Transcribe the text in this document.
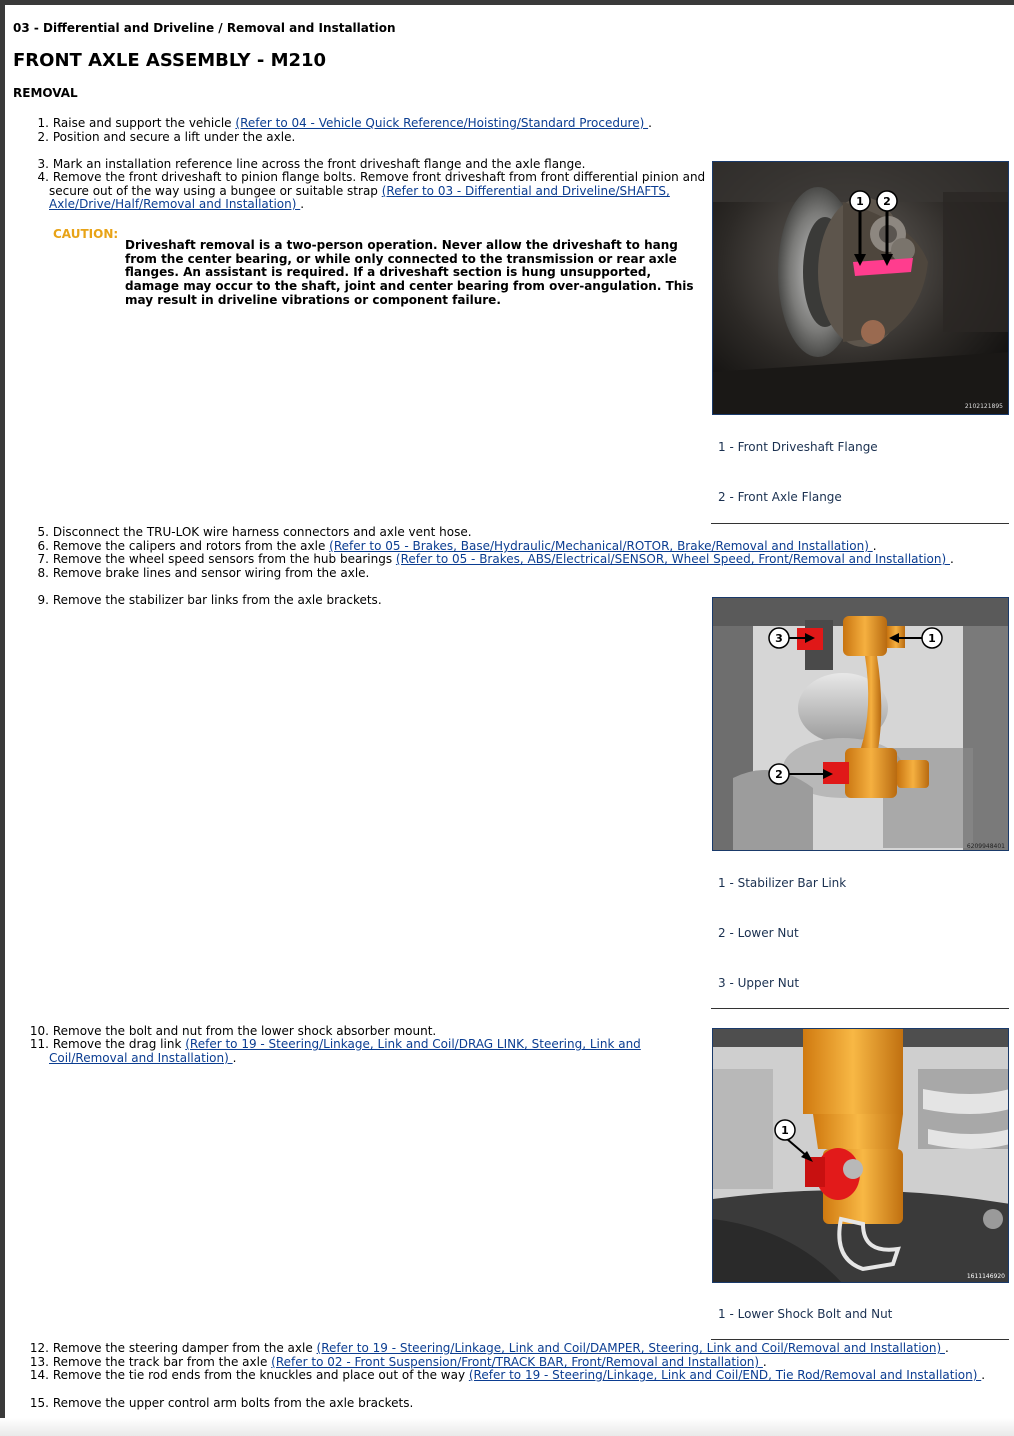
03 - Differential and Driveline / Removal and Installation
FRONT AXLE ASSEMBLY - M210
REMOVAL
1. Raise and support the vehicle (Refer to 04 - Vehicle Quick Reference/Hoisting/Standard Procedure) .
2. Position and secure a lift under the axle.
3. Mark an installation reference line across the front driveshaft flange and the axle flange.
4. Remove the front driveshaft to pinion flange bolts. Remove front driveshaft from front differential pinion and
secure out of the way using a bungee or suitable strap (Refer to 03 - Differential and Driveline/SHAFTS,
Axle/Drive/Half/Removal and Installation) .
CAUTION:
Driveshaft removal is a two-person operation. Never allow the driveshaft to hang from the center bearing, or while only connected to the transmission or rear axle flanges. An assistant is required. If a driveshaft section is hung unsupported, damage may occur to the shaft, joint and center bearing from over-angulation. This may result in driveline vibrations or component failure.
1 2
2102121895
1 - Front Driveshaft Flange
2 - Front Axle Flange
5. Disconnect the TRU-LOK wire harness connectors and axle vent hose.
6. Remove the calipers and rotors from the axle (Refer to 05 - Brakes, Base/Hydraulic/Mechanical/ROTOR, Brake/Removal and Installation) .
7. Remove the wheel speed sensors from the hub bearings (Refer to 05 - Brakes, ABS/Electrical/SENSOR, Wheel Speed, Front/Removal and Installation) .
8. Remove brake lines and sensor wiring from the axle.
9. Remove the stabilizer bar links from the axle brackets.
1
2
3
6209948401
1 - Stabilizer Bar Link
2 - Lower Nut
3 - Upper Nut
10. Remove the bolt and nut from the lower shock absorber mount.
11. Remove the drag link (Refer to 19 - Steering/Linkage, Link and Coil/DRAG LINK, Steering, Link and
Coil/Removal and Installation) .
1
1611146920
1 - Lower Shock Bolt and Nut
12. Remove the steering damper from the axle (Refer to 19 - Steering/Linkage, Link and Coil/DAMPER, Steering, Link and Coil/Removal and Installation) .
13. Remove the track bar from the axle (Refer to 02 - Front Suspension/Front/TRACK BAR, Front/Removal and Installation) .
14. Remove the tie rod ends from the knuckles and place out of the way (Refer to 19 - Steering/Linkage, Link and Coil/END, Tie Rod/Removal and Installation) .
15. Remove the upper control arm bolts from the axle brackets.
